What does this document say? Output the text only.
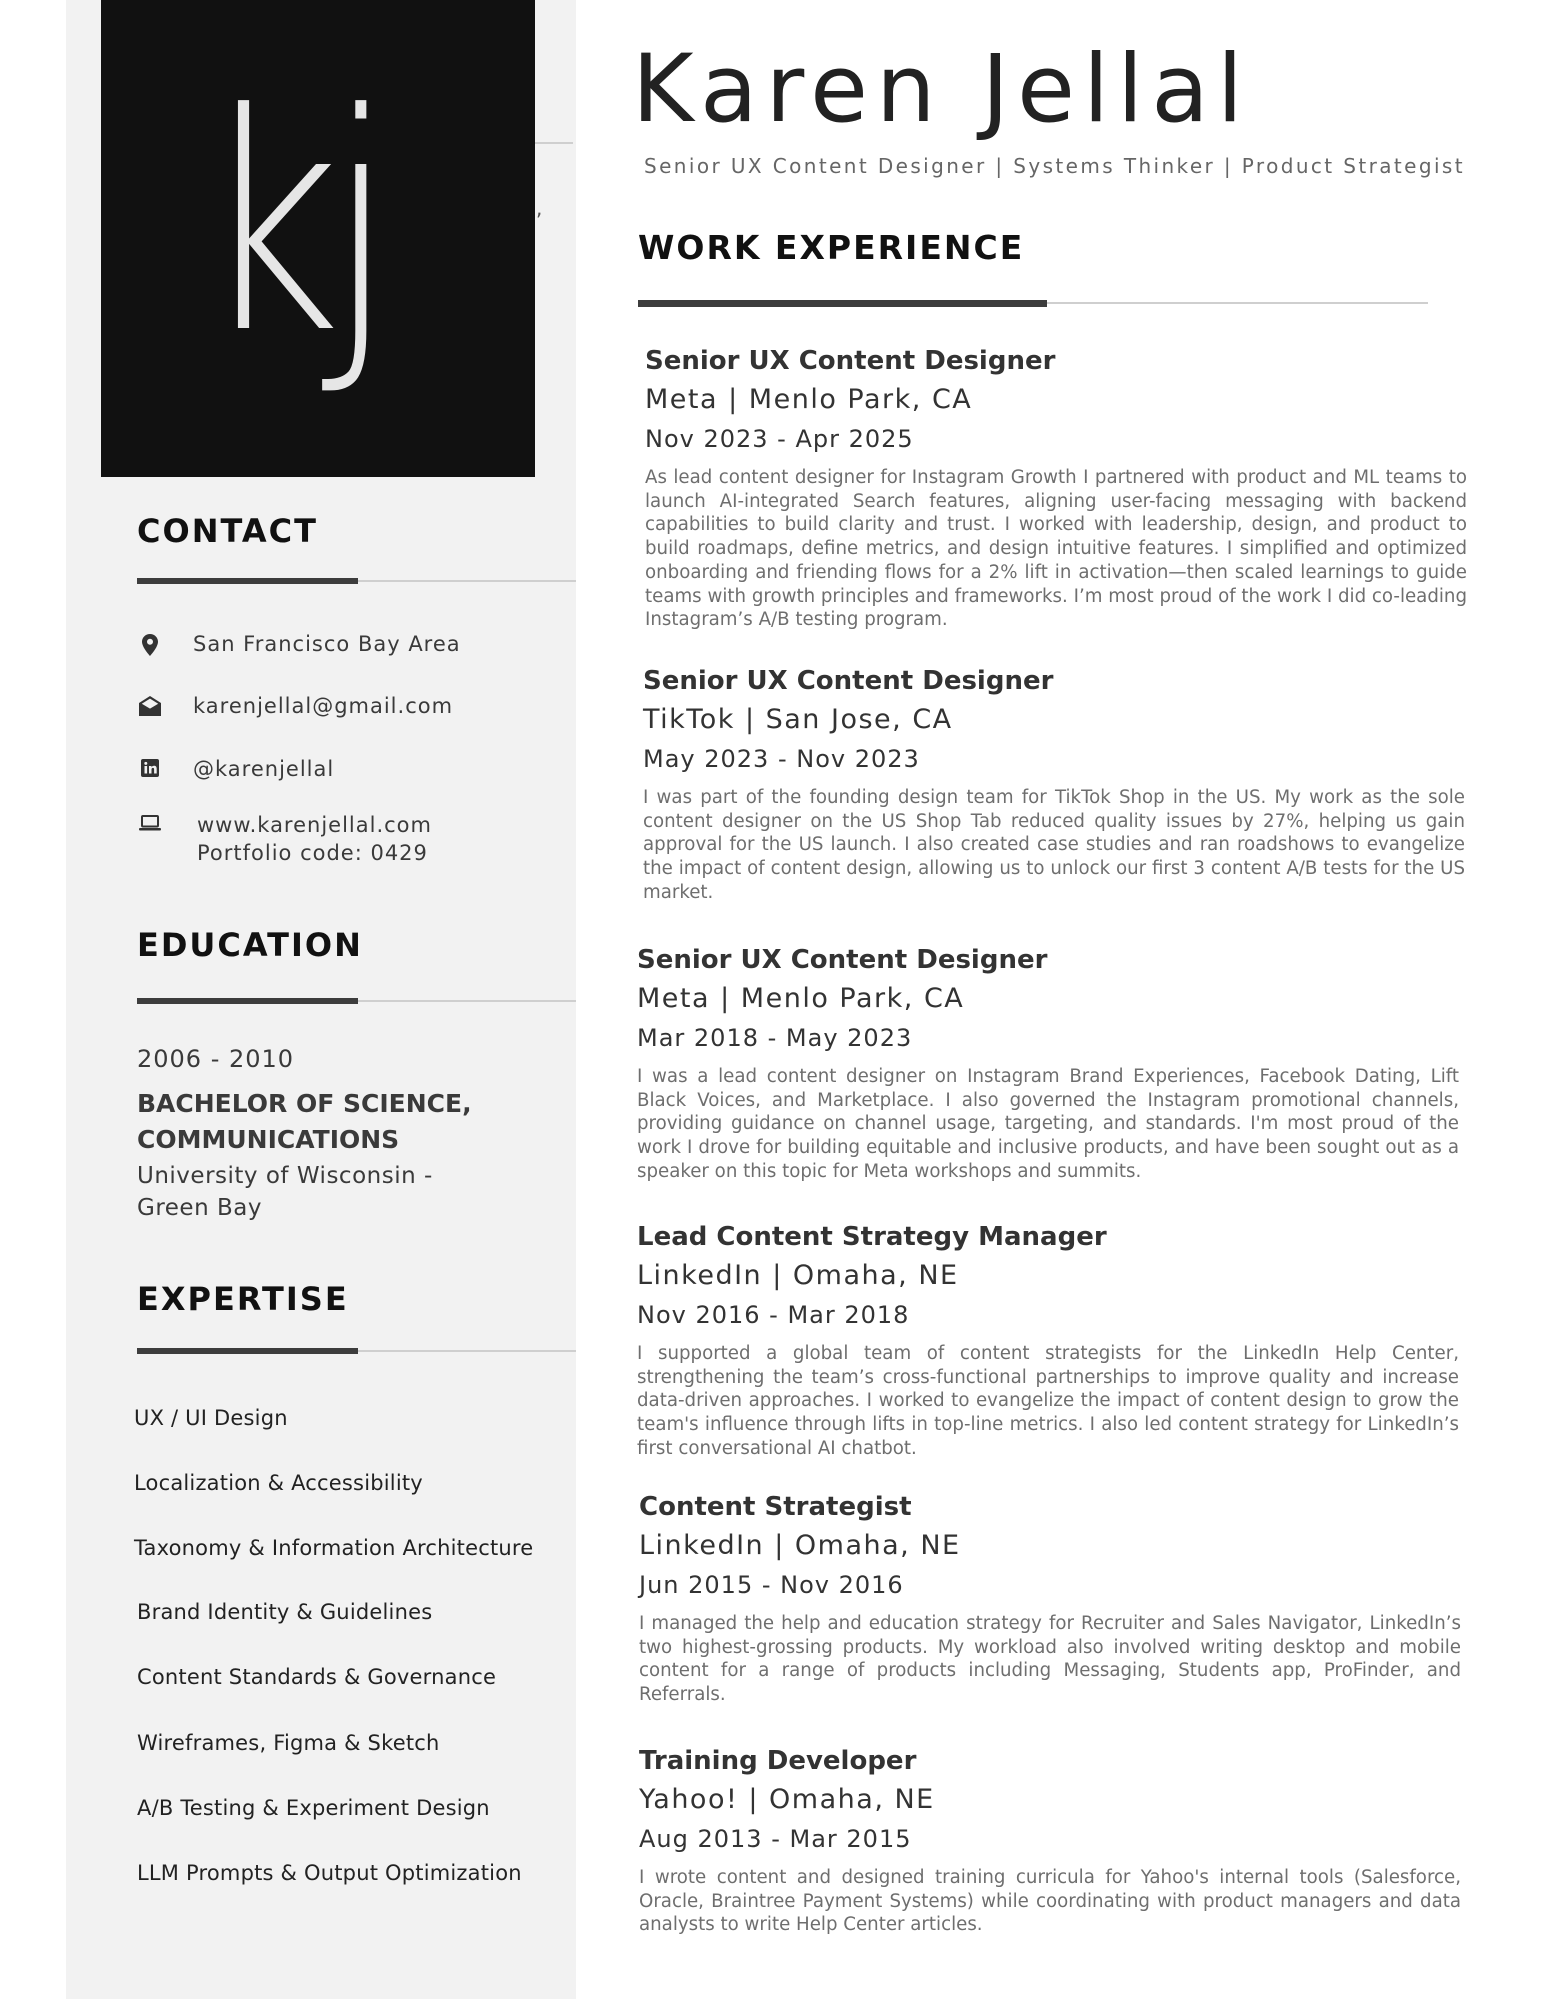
kj	,
CONTACT
San Francisco Bay Area
karenjellal@gmail.com
@karenjellal
www.karenjellal.com
Portfolio code: 0429
EDUCATION
2006 - 2010
BACHELOR OF SCIENCE, COMMUNICATIONS
University of Wisconsin - Green Bay
EXPERTISE
UX / UI Design
Localization & Accessibility
Taxonomy & Information Architecture
Brand Identity & Guidelines
Content Standards & Governance
Wireframes, Figma & Sketch
A/B Testing & Experiment Design
LLM Prompts & Output Optimization
Karen Jellal
Senior UX Content Designer | Systems Thinker | Product Strategist
WORK EXPERIENCE
Senior UX Content Designer
Meta | Menlo Park, CA
Nov 2023 - Apr 2025
As lead content designer for Instagram Growth I partnered with product and ML teams to launch AI-integrated Search features, aligning user-facing messaging with backend capabilities to build clarity and trust. I worked with leadership, design, and product to build roadmaps, define metrics, and design intuitive features. I simplified and optimized onboarding and friending flows for a 2% lift in activation—then scaled learnings to guide teams with growth principles and frameworks. I’m most proud of the work I did co-leading Instagram’s A/B testing program.
Senior UX Content Designer
TikTok | San Jose, CA
May 2023 - Nov 2023
I was part of the founding design team for TikTok Shop in the US. My work as the sole content designer on the US Shop Tab reduced quality issues by 27%, helping us gain approval for the US launch. I also created case studies and ran roadshows to evangelize the impact of content design, allowing us to unlock our first 3 content A/B tests for the US market.
Senior UX Content Designer
Meta | Menlo Park, CA
Mar 2018 - May 2023
I was a lead content designer on Instagram Brand Experiences, Facebook Dating, Lift Black Voices, and Marketplace. I also governed the Instagram promotional channels, providing guidance on channel usage, targeting, and standards. I'm most proud of the work I drove for building equitable and inclusive products, and have been sought out as a speaker on this topic for Meta workshops and summits.
Lead Content Strategy Manager
LinkedIn | Omaha, NE
Nov 2016 - Mar 2018
I supported a global team of content strategists for the LinkedIn Help Center, strengthening the team’s cross-functional partnerships to improve quality and increase data-driven approaches. I worked to evangelize the impact of content design to grow the team's influence through lifts in top-line metrics. I also led content strategy for LinkedIn’s first conversational AI chatbot.
Content Strategist
LinkedIn | Omaha, NE
Jun 2015 - Nov 2016
I managed the help and education strategy for Recruiter and Sales Navigator, LinkedIn’s two highest-grossing products. My workload also involved writing desktop and mobile content for a range of products including Messaging, Students app, ProFinder, and Referrals.
Training Developer
Yahoo! | Omaha, NE
Aug 2013 - Mar 2015
I wrote content and designed training curricula for Yahoo's internal tools (Salesforce, Oracle, Braintree Payment Systems) while coordinating with product managers and data analysts to write Help Center articles.
